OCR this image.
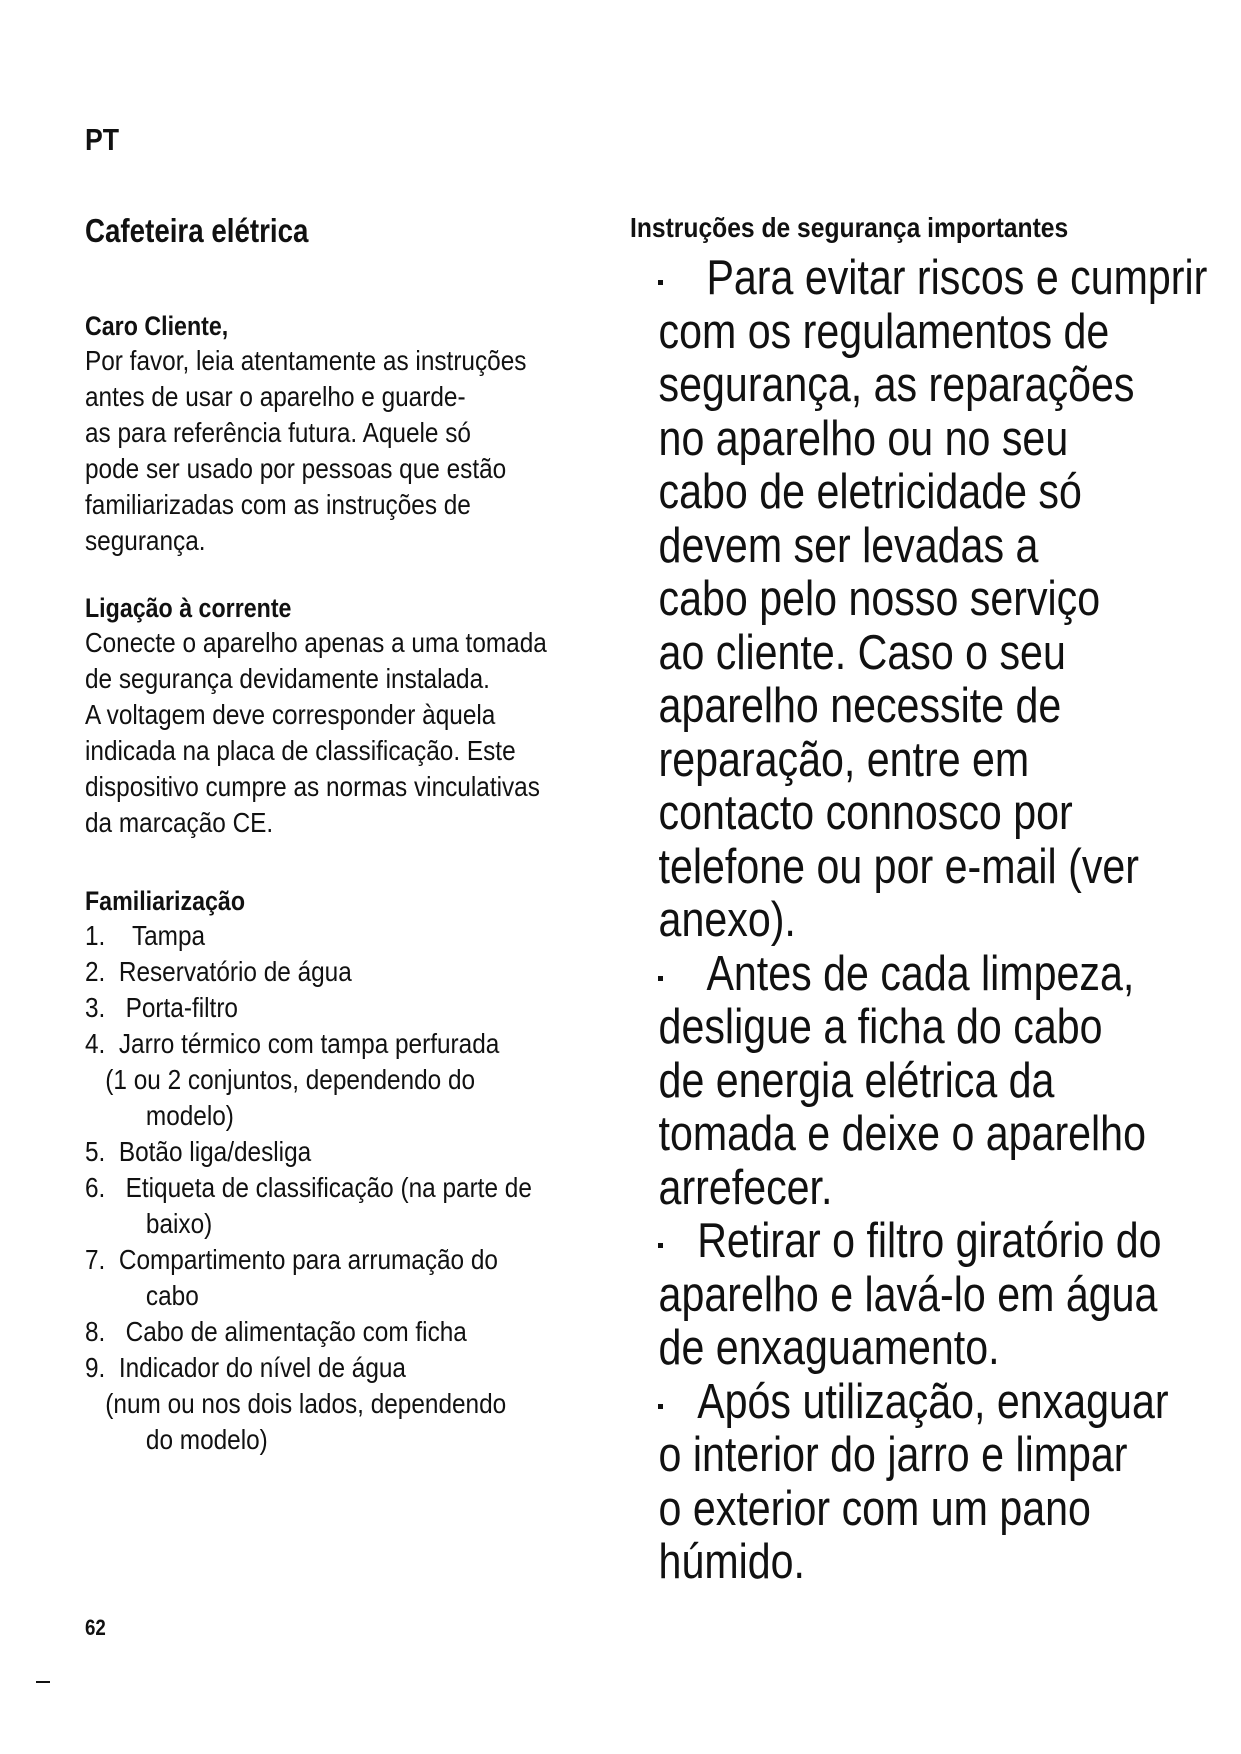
PT
Cafeteira elétrica
Caro Cliente,
Por favor, leia atentamente as instruções
antes de usar o aparelho e guarde-
as para referência futura. Aquele só
pode ser usado por pessoas que estão
familiarizadas com as instruções de
segurança.
Ligação à corrente
Conecte o aparelho apenas a uma tomada
de segurança devidamente instalada.
A voltagem deve corresponder àquela
indicada na placa de classificação. Este
dispositivo cumpre as normas vinculativas
da marcação CE.
Familiarização
1.    Tampa
2.  Reservatório de água
3.   Porta-filtro
4.  Jarro térmico com tampa perfurada
(1 ou 2 conjuntos, dependendo do
modelo)
5.  Botão liga/desliga
6.   Etiqueta de classificação (na parte de
baixo)
7.  Compartimento para arrumação do
cabo
8.   Cabo de alimentação com ficha
9.  Indicador do nível de água
(num ou nos dois lados, dependendo
do modelo)
Instruções de segurança importantes
Para evitar riscos e cumprir
com os regulamentos de
segurança, as reparações
no aparelho ou no seu
cabo de eletricidade só
devem ser levadas a
cabo pelo nosso serviço
ao cliente. Caso o seu
aparelho necessite de
reparação, entre em
contacto connosco por
telefone ou por e-mail (ver
anexo).
Antes de cada limpeza,
desligue a ficha do cabo
de energia elétrica da
tomada e deixe o aparelho
arrefecer.
Retirar o filtro giratório do
aparelho e lavá-lo em água
de enxaguamento.
Após utilização, enxaguar
o interior do jarro e limpar
o exterior com um pano
húmido.
62
